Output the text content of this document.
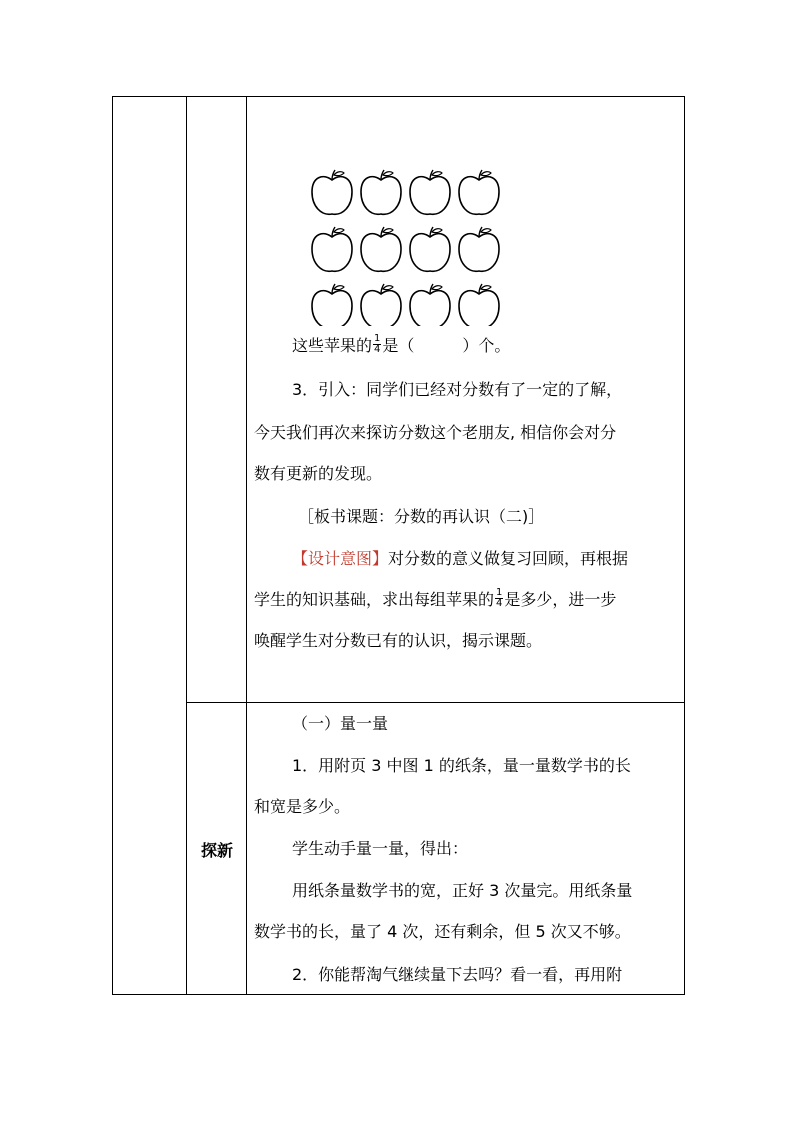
这些苹果的 $\frac{1}{4}$ 是（　　　）个。
3．引入：同学们已经对分数有了一定的了解，
今天我们再次来探访分数这个老朋友, 相信你会对分
数有更新的发现。
［板书课题：分数的再认识（二)］
【设计意图】对分数的意义做复习回顾，再根据
学生的知识基础，求出每组苹果的 $\frac{1}{4}$ 是多少，进一步
唤醒学生对分数已有的认识，揭示课题。
探新
（一）量一量
1．用附页 3 中图 1 的纸条，量一量数学书的长
和宽是多少。
学生动手量一量，得出：
用纸条量数学书的宽，正好 3 次量完。用纸条量
数学书的长，量了 4 次，还有剩余，但 5 次又不够。
2．你能帮淘气继续量下去吗？看一看，再用附
